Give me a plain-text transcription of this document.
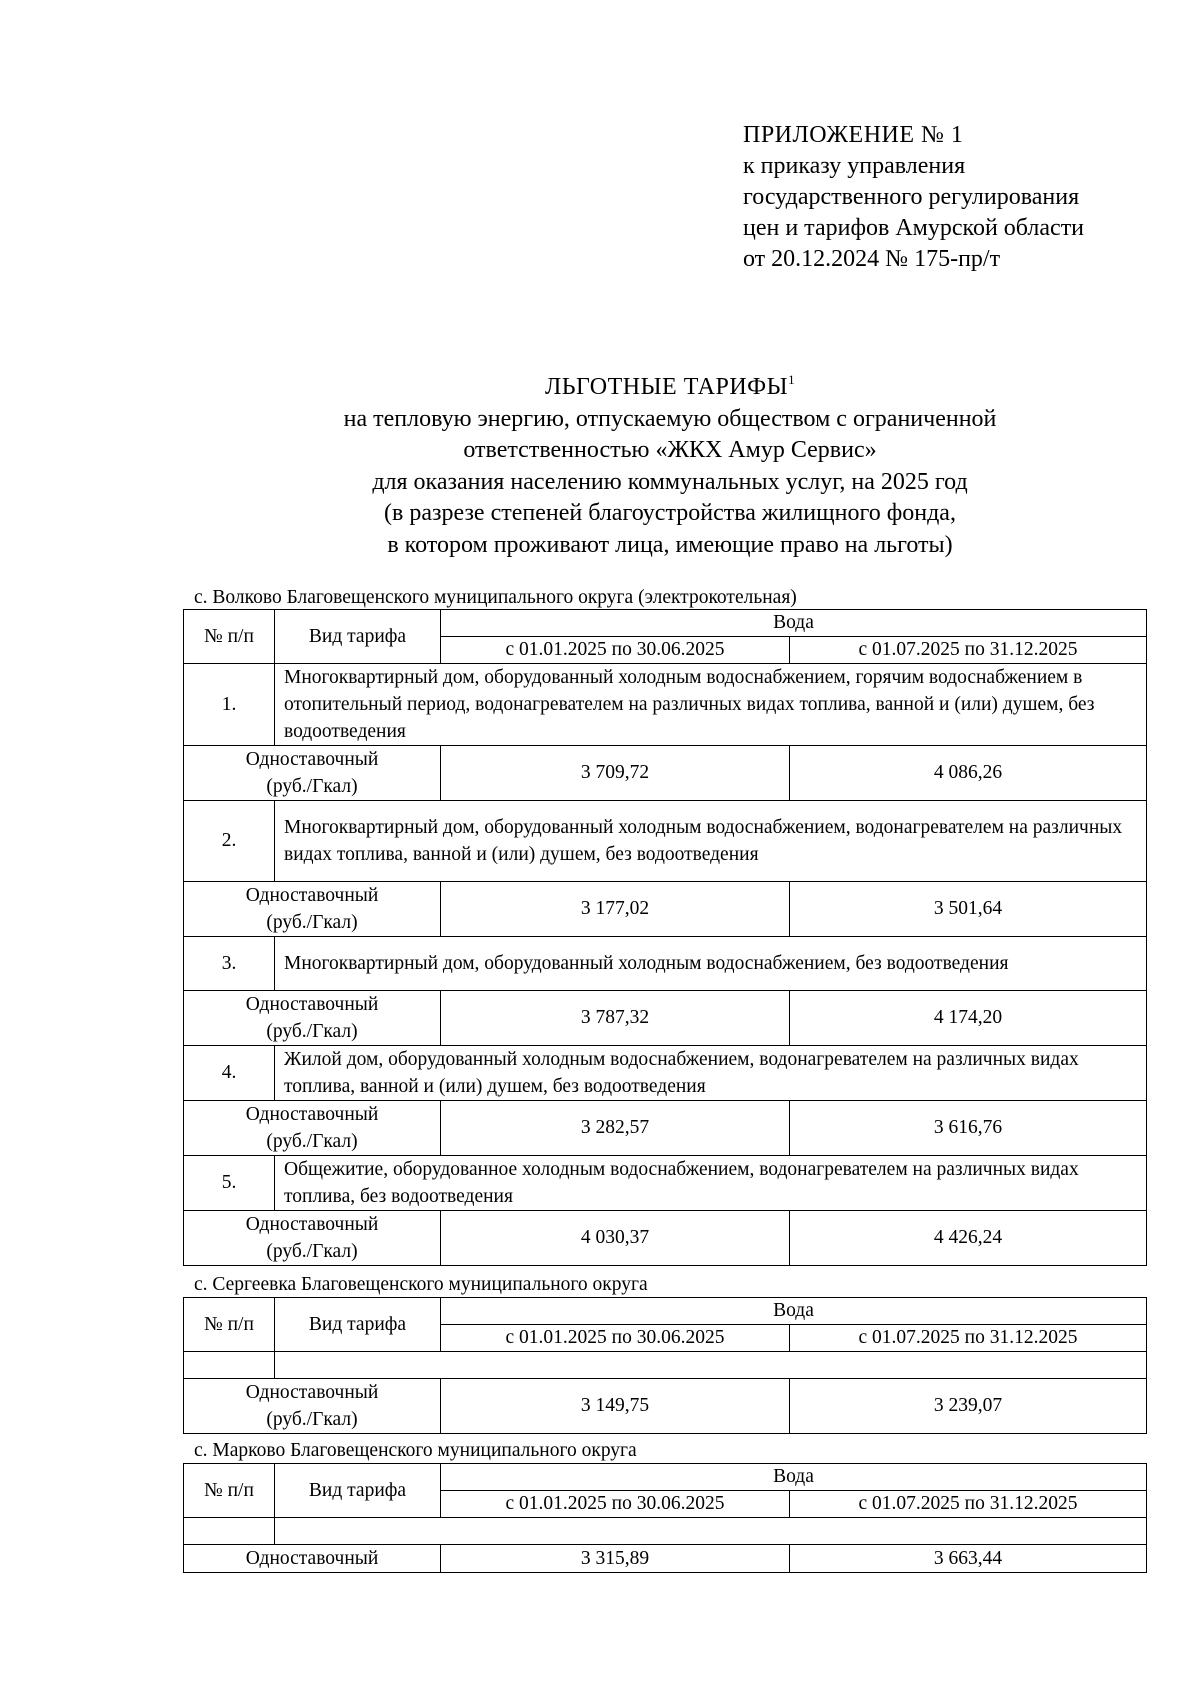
ПРИЛОЖЕНИЕ № 1
к приказу управления
государственного регулирования
цен и тарифов Амурской области
от 20.12.2024 № 175-пр/т
ЛЬГОТНЫЕ ТАРИФЫ$^1$
на тепловую энергию, отпускаемую обществом с ограниченной
ответственностью «ЖКХ Амур Сервис»
для оказания населению коммунальных услуг, на 2025 год
(в разрезе степеней благоустройства жилищного фонда,
в котором проживают лица, имеющие право на льготы)
с. Волково Благовещенского муниципального округа (электрокотельная)
№ п/п	Вид тарифа	Вода	
		с 01.01.2025 по 30.06.2025	с 01.07.2025 по 31.12.2025
1.	Многоквартирный дом, оборудованный холодным водоснабжением, горячим водоснабжением в отопительный период, водонагревателем на различных видах топлива, ванной и (или) душем, без водоотведения		
Одноставочный
(руб./Гкал)		3 709,72	4 086,26
2.	Многоквартирный дом, оборудованный холодным водоснабжением, водонагревателем на различных видах топлива, ванной и (или) душем, без водоотведения		
Одноставочный
(руб./Гкал)		3 177,02	3 501,64
3.	Многоквартирный дом, оборудованный холодным водоснабжением, без водоотведения		
Одноставочный
(руб./Гкал)		3 787,32	4 174,20
4.	Жилой дом, оборудованный холодным водоснабжением, водонагревателем на различных видах топлива, ванной и (или) душем, без водоотведения		
Одноставочный
(руб./Гкал)		3 282,57	3 616,76
5.	Общежитие, оборудованное холодным водоснабжением, водонагревателем на различных видах топлива, без водоотведения		
Одноставочный
(руб./Гкал)		4 030,37	4 426,24
с. Сергеевка Благовещенского муниципального округа
№ п/п	Вид тарифа	Вода	
		с 01.01.2025 по 30.06.2025	с 01.07.2025 по 31.12.2025

Одноставочный
(руб./Гкал)		3 149,75	3 239,07
с. Марково Благовещенского муниципального округа
№ п/п	Вид тарифа	Вода	
		с 01.01.2025 по 30.06.2025	с 01.07.2025 по 31.12.2025

Одноставочный		3 315,89	3 663,44
